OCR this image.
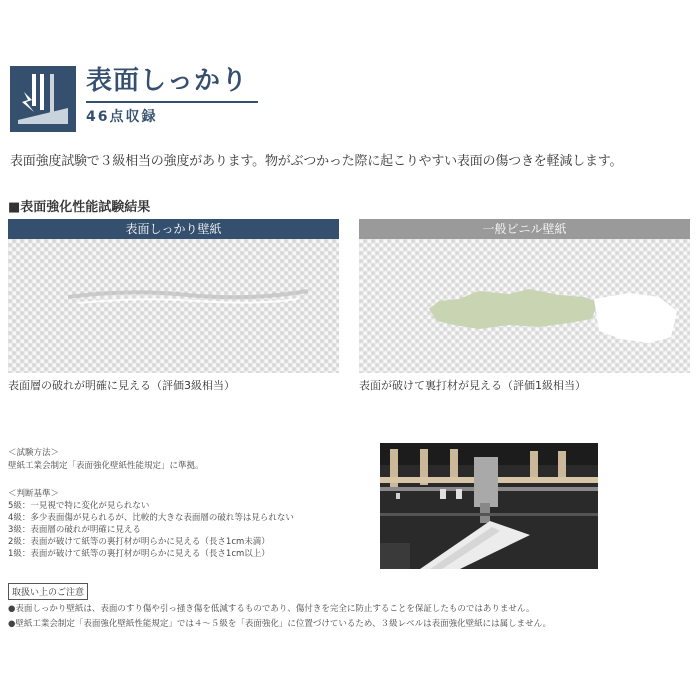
表面しっかり
46点収録
表面強度試験で３級相当の強度があります。物がぶつかった際に起こりやすい表面の傷つきを軽減します。
■表面強化性能試験結果
表面しっかり壁紙	一般ビニル壁紙
表面層の破れが明確に見える（評価3級相当）	表面が破けて裏打材が見える（評価1級相当）
＜試験方法＞
壁紙工業会制定「表面強化壁紙性能規定」に準拠。
＜判断基準＞
5級：一見視で特に変化が見られない
4級：多少表面傷が見られるが、比較的大きな表面層の破れ等は見られない
3級：表面層の破れが明確に見える
2級：表面が破けて紙等の裏打材が明らかに見える（長さ1cm未満）
1級：表面が破けて紙等の裏打材が明らかに見える（長さ1cm以上）
取扱い上のご注意
●表面しっかり壁紙は、表面のすり傷や引っ掻き傷を低減するものであり、傷付きを完全に防止することを保証したものではありません。
●壁紙工業会制定「表面強化壁紙性能規定」では４～５級を「表面強化」に位置づけているため、３級レベルは表面強化壁紙には属しません。
